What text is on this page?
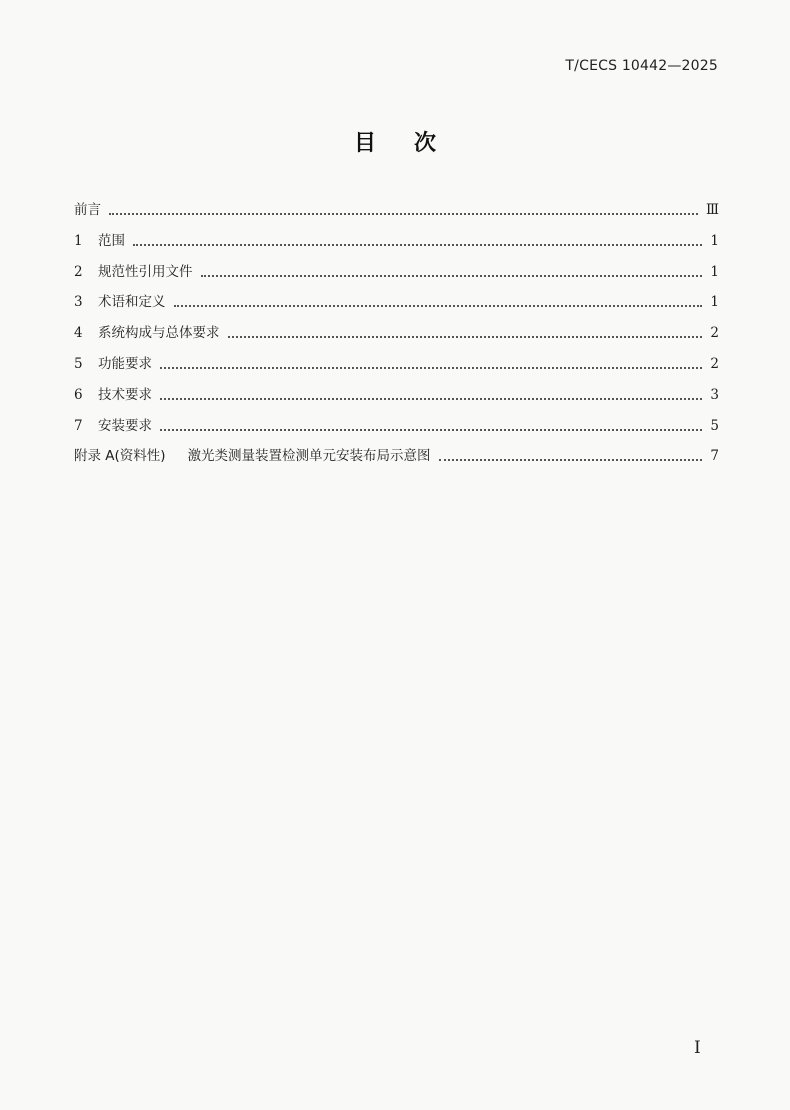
T/CECS 10442—2025
目 次
前言	Ⅲ
1	范围	1
2	规范性引用文件	1
3	术语和定义	1
4	系统构成与总体要求	2
5	功能要求	2
6	技术要求	3
7	安装要求	5
附录 A(资料性) 激光类测量装置检测单元安装布局示意图	7
I
